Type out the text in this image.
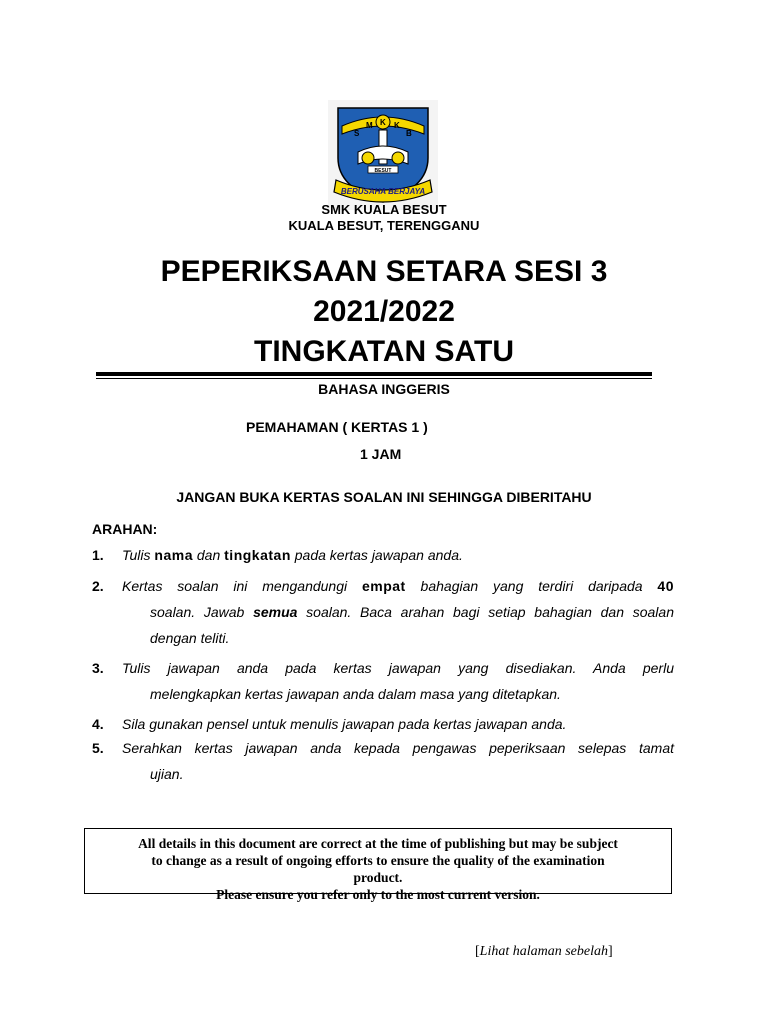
S
M K K
B
BESUT
BERUSAHA BERJAYA
SMK KUALA BESUT
KUALA BESUT, TERENGGANU
PEPERIKSAAN SETARA SESI 3
2021/2022
TINGKATAN SATU
BAHASA INGGERIS
PEMAHAMAN ( KERTAS 1 )
1 JAM
JANGAN BUKA KERTAS SOALAN INI SEHINGGA DIBERITAHU
ARAHAN:
1. Tulis nama dan tingkatan pada kertas jawapan anda.
2. Kertas soalan ini mengandungi empat bahagian yang terdiri daripada 40
soalan. Jawab semua soalan. Baca arahan bagi setiap bahagian dan soalan dengan teliti.
3. Tulis jawapan anda pada kertas jawapan yang disediakan. Anda perlu
melengkapkan kertas jawapan anda dalam masa yang ditetapkan.
4. Sila gunakan pensel untuk menulis jawapan pada kertas jawapan anda.
5. Serahkan kertas jawapan anda kepada pengawas peperiksaan selepas tamat
ujian.
All details in this document are correct at the time of publishing but may be subject
to change as a result of ongoing efforts to ensure the quality of the examination
product.
Please ensure you refer only to the most current version.
[Lihat halaman sebelah]
